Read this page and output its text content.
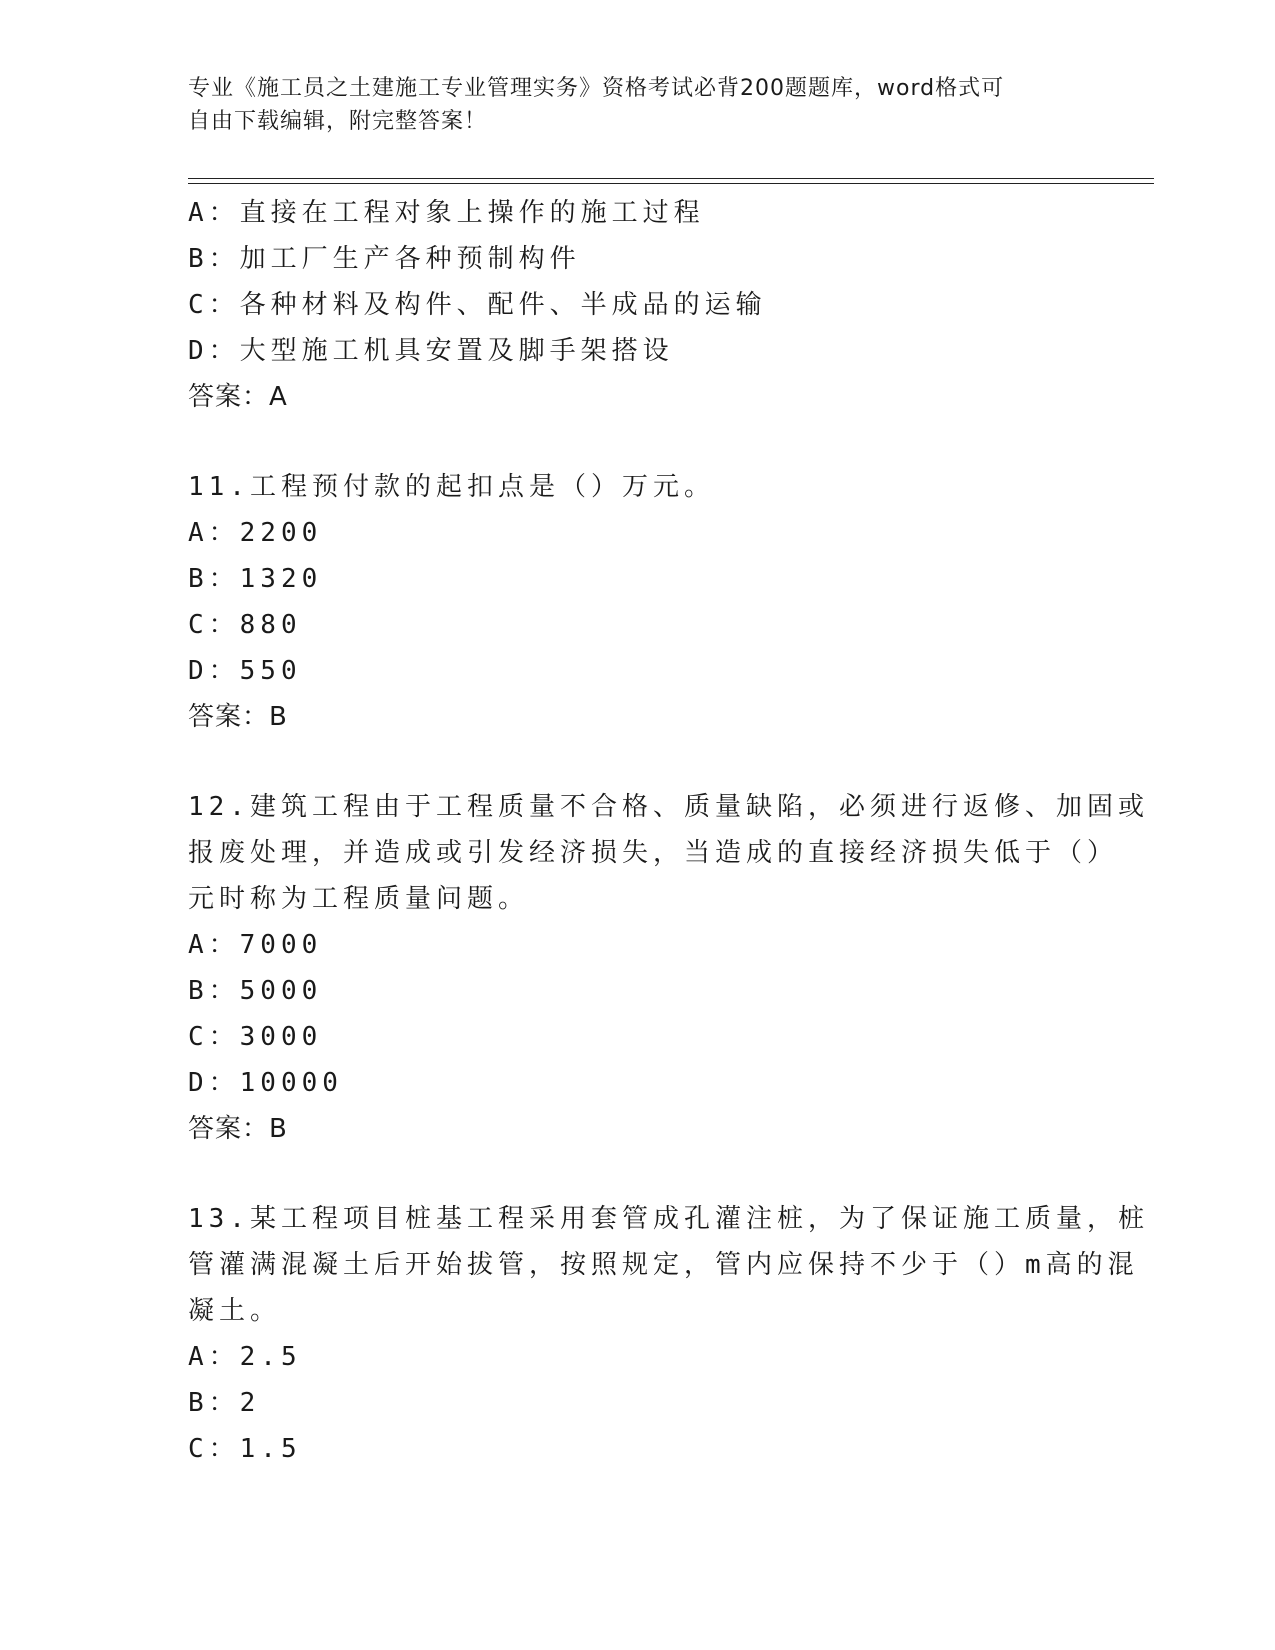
专业《施工员之土建施工专业管理实务》资格考试必背200题题库，word格式可
自由下载编辑，附完整答案！
A：直接在工程对象上操作的施工过程
B：加工厂生产各种预制构件
C：各种材料及构件、配件、半成品的运输
D：大型施工机具安置及脚手架搭设
答案：A
11.工程预付款的起扣点是（）万元。
A：2200
B：1320
C：880
D：550
答案：B
12.建筑工程由于工程质量不合格、质量缺陷，必须进行返修、加固或
报废处理，并造成或引发经济损失，当造成的直接经济损失低于（）
元时称为工程质量问题。
A：7000
B：5000
C：3000
D：10000
答案：B
13.某工程项目桩基工程采用套管成孔灌注桩，为了保证施工质量，桩
管灌满混凝土后开始拔管，按照规定，管内应保持不少于（）m高的混
凝土。
A：2.5
B：2
C：1.5
